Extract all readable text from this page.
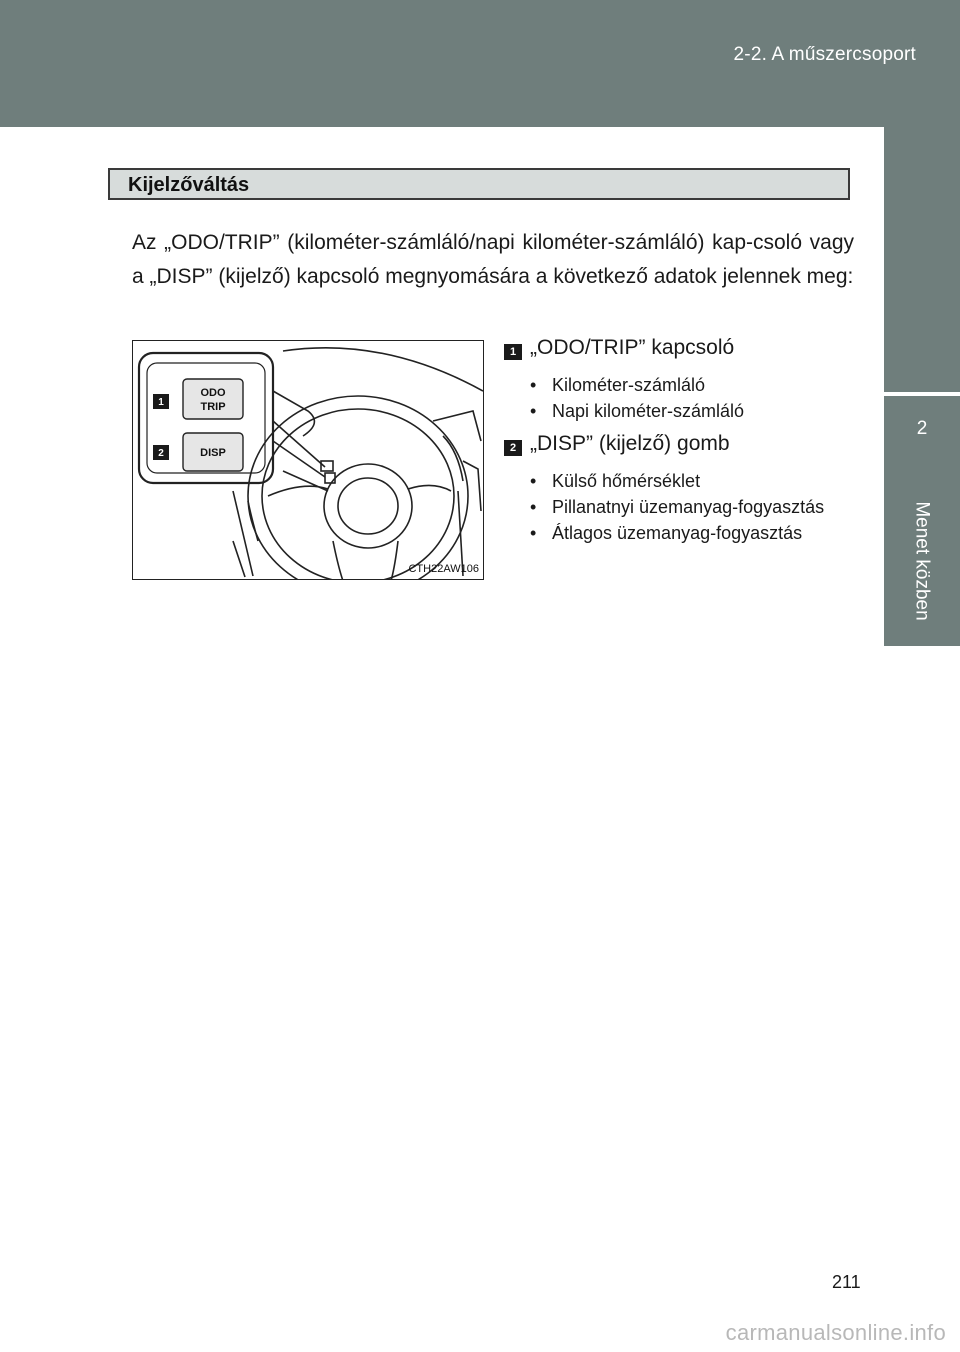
2-2. A műszercsoport
2
Menet közben
Kijelzőváltás

Az „ODO/TRIP” (kilométer-számláló/napi kilométer-számláló) kap-csoló vagy a „DISP” (kijelző) kapcsoló megnyomására a következő adatok jelennek meg:

ODO
TRIP
DISP
1
2
CTH22AW106
1 „ODO/TRIP” kapcsoló
• Kilométer-számláló
• Napi kilométer-számláló
2 „DISP” (kijelző) gomb
• Külső hőmérséklet
• Pillanatnyi üzemanyag-fogyasztás
• Átlagos üzemanyag-fogyasztás
211
carmanualsonline.info
